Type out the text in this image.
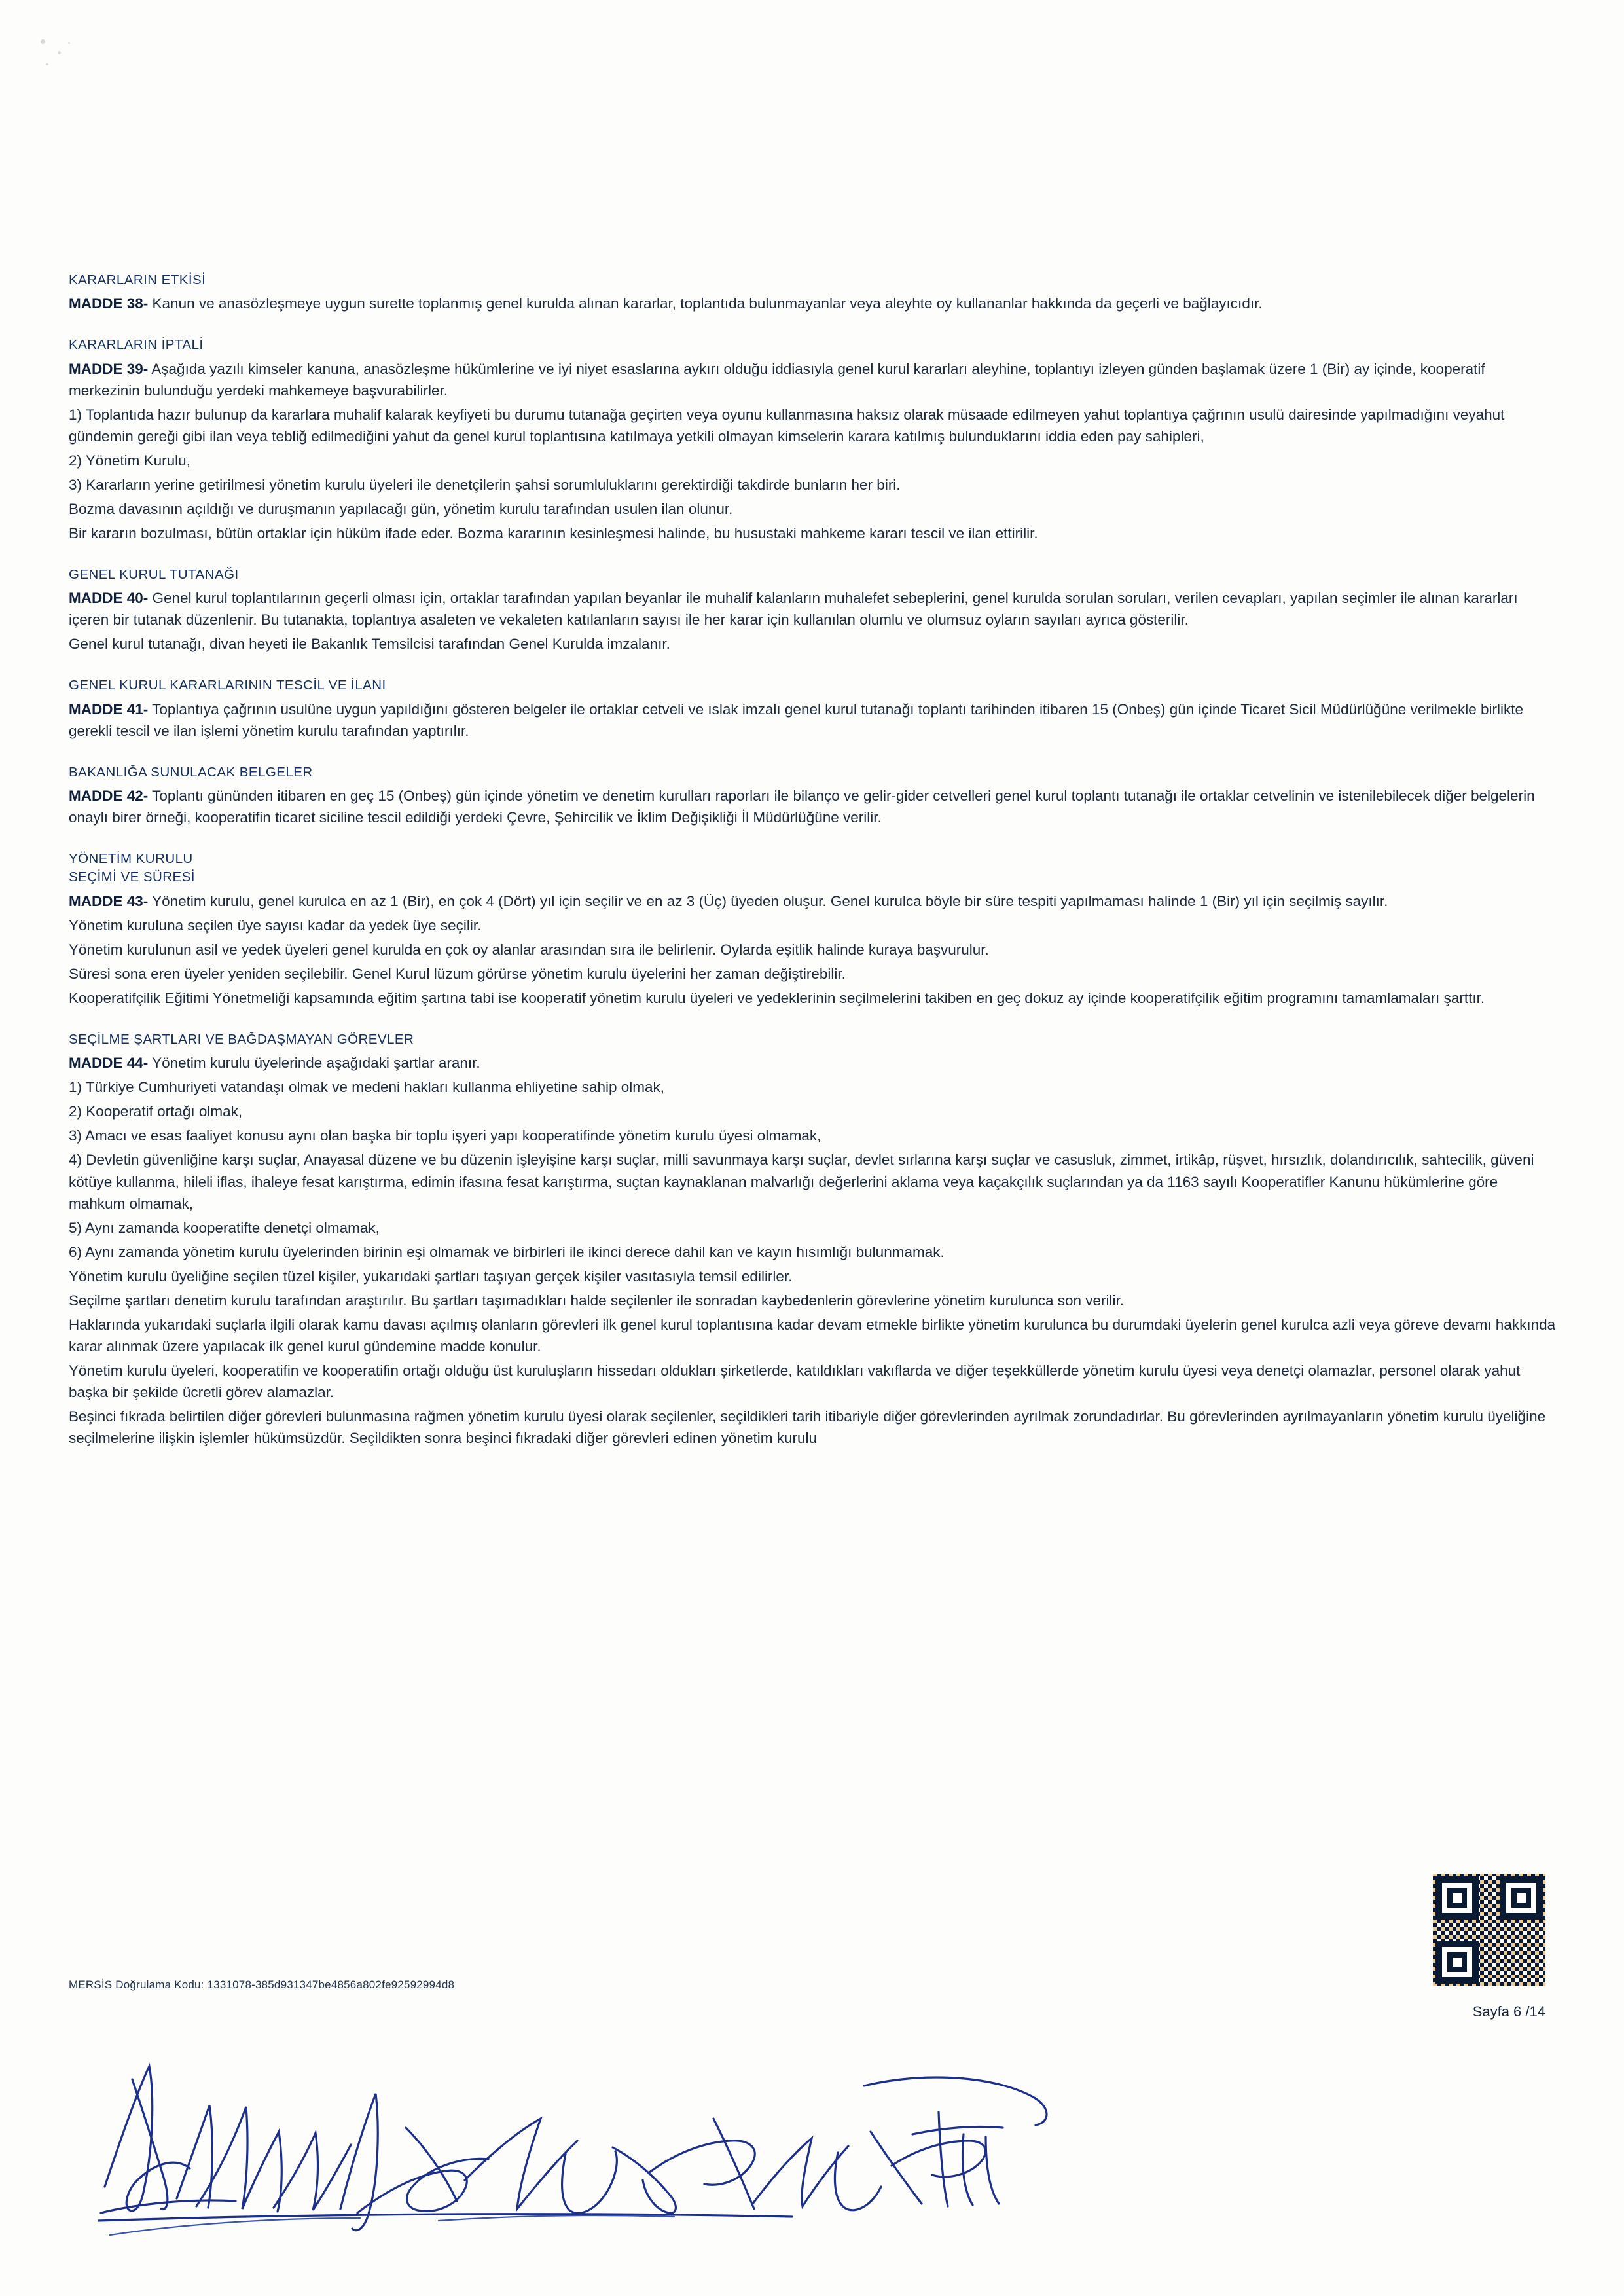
KARARLARIN ETKİSİ

MADDE 38- Kanun ve anasözleşmeye uygun surette toplanmış genel kurulda alınan kararlar, toplantıda bulunmayanlar veya aleyhte oy kullananlar hakkında da geçerli ve bağlayıcıdır.

KARARLARIN İPTALİ

MADDE 39- Aşağıda yazılı kimseler kanuna, anasözleşme hükümlerine ve iyi niyet esaslarına aykırı olduğu iddiasıyla genel kurul kararları aleyhine, toplantıyı izleyen günden başlamak üzere 1 (Bir) ay içinde, kooperatif merkezinin bulunduğu yerdeki mahkemeye başvurabilirler.

1) Toplantıda hazır bulunup da kararlara muhalif kalarak keyfiyeti bu durumu tutanağa geçirten veya oyunu kullanmasına haksız olarak müsaade edilmeyen yahut toplantıya çağrının usulü dairesinde yapılmadığını veyahut gündemin gereği gibi ilan veya tebliğ edilmediğini yahut da genel kurul toplantısına katılmaya yetkili olmayan kimselerin karara katılmış bulunduklarını iddia eden pay sahipleri,

2) Yönetim Kurulu,

3) Kararların yerine getirilmesi yönetim kurulu üyeleri ile denetçilerin şahsi sorumluluklarını gerektirdiği takdirde bunların her biri.

Bozma davasının açıldığı ve duruşmanın yapılacağı gün, yönetim kurulu tarafından usulen ilan olunur.

Bir kararın bozulması, bütün ortaklar için hüküm ifade eder. Bozma kararının kesinleşmesi halinde, bu husustaki mahkeme kararı tescil ve ilan ettirilir.

GENEL KURUL TUTANAĞI

MADDE 40- Genel kurul toplantılarının geçerli olması için, ortaklar tarafından yapılan beyanlar ile muhalif kalanların muhalefet sebeplerini, genel kurulda sorulan soruları, verilen cevapları, yapılan seçimler ile alınan kararları içeren bir tutanak düzenlenir. Bu tutanakta, toplantıya asaleten ve vekaleten katılanların sayısı ile her karar için kullanılan olumlu ve olumsuz oyların sayıları ayrıca gösterilir.

Genel kurul tutanağı, divan heyeti ile Bakanlık Temsilcisi tarafından Genel Kurulda imzalanır.

GENEL KURUL KARARLARININ TESCİL VE İLANI

MADDE 41- Toplantıya çağrının usulüne uygun yapıldığını gösteren belgeler ile ortaklar cetveli ve ıslak imzalı genel kurul tutanağı toplantı tarihinden itibaren 15 (Onbeş) gün içinde Ticaret Sicil Müdürlüğüne verilmekle birlikte gerekli tescil ve ilan işlemi yönetim kurulu tarafından yaptırılır.

BAKANLIĞA SUNULACAK BELGELER

MADDE 42- Toplantı gününden itibaren en geç 15 (Onbeş) gün içinde yönetim ve denetim kurulları raporları ile bilanço ve gelir-gider cetvelleri genel kurul toplantı tutanağı ile ortaklar cetvelinin ve istenilebilecek diğer belgelerin onaylı birer örneği, kooperatifin ticaret siciline tescil edildiği yerdeki Çevre, Şehircilik ve İklim Değişikliği İl Müdürlüğüne verilir.

YÖNETİM KURULU
SEÇİMİ VE SÜRESİ

MADDE 43- Yönetim kurulu, genel kurulca en az 1 (Bir), en çok 4 (Dört) yıl için seçilir ve en az 3 (Üç) üyeden oluşur. Genel kurulca böyle bir süre tespiti yapılmaması halinde 1 (Bir) yıl için seçilmiş sayılır.

Yönetim kuruluna seçilen üye sayısı kadar da yedek üye seçilir.

Yönetim kurulunun asil ve yedek üyeleri genel kurulda en çok oy alanlar arasından sıra ile belirlenir. Oylarda eşitlik halinde kuraya başvurulur.

Süresi sona eren üyeler yeniden seçilebilir. Genel Kurul lüzum görürse yönetim kurulu üyelerini her zaman değiştirebilir.

Kooperatifçilik Eğitimi Yönetmeliği kapsamında eğitim şartına tabi ise kooperatif yönetim kurulu üyeleri ve yedeklerinin seçilmelerini takiben en geç dokuz ay içinde kooperatifçilik eğitim programını tamamlamaları şarttır.

SEÇİLME ŞARTLARI VE BAĞDAŞMAYAN GÖREVLER

MADDE 44- Yönetim kurulu üyelerinde aşağıdaki şartlar aranır.

1) Türkiye Cumhuriyeti vatandaşı olmak ve medeni hakları kullanma ehliyetine sahip olmak,

2) Kooperatif ortağı olmak,

3) Amacı ve esas faaliyet konusu aynı olan başka bir toplu işyeri yapı kooperatifinde yönetim kurulu üyesi olmamak,

4) Devletin güvenliğine karşı suçlar, Anayasal düzene ve bu düzenin işleyişine karşı suçlar, milli savunmaya karşı suçlar, devlet sırlarına karşı suçlar ve casusluk, zimmet, irtikâp, rüşvet, hırsızlık, dolandırıcılık, sahtecilik, güveni kötüye kullanma, hileli iflas, ihaleye fesat karıştırma, edimin ifasına fesat karıştırma, suçtan kaynaklanan malvarlığı değerlerini aklama veya kaçakçılık suçlarından ya da 1163 sayılı Kooperatifler Kanunu hükümlerine göre mahkum olmamak,

5) Aynı zamanda kooperatifte denetçi olmamak,

6) Aynı zamanda yönetim kurulu üyelerinden birinin eşi olmamak ve birbirleri ile ikinci derece dahil kan ve kayın hısımlığı bulunmamak.

Yönetim kurulu üyeliğine seçilen tüzel kişiler, yukarıdaki şartları taşıyan gerçek kişiler vasıtasıyla temsil edilirler.

Seçilme şartları denetim kurulu tarafından araştırılır. Bu şartları taşımadıkları halde seçilenler ile sonradan kaybedenlerin görevlerine yönetim kurulunca son verilir.

Haklarında yukarıdaki suçlarla ilgili olarak kamu davası açılmış olanların görevleri ilk genel kurul toplantısına kadar devam etmekle birlikte yönetim kurulunca bu durumdaki üyelerin genel kurulca azli veya göreve devamı hakkında karar alınmak üzere yapılacak ilk genel kurul gündemine madde konulur.

Yönetim kurulu üyeleri, kooperatifin ve kooperatifin ortağı olduğu üst kuruluşların hissedarı oldukları şirketlerde, katıldıkları vakıflarda ve diğer teşekküllerde yönetim kurulu üyesi veya denetçi olamazlar, personel olarak yahut başka bir şekilde ücretli görev alamazlar.

Beşinci fıkrada belirtilen diğer görevleri bulunmasına rağmen yönetim kurulu üyesi olarak seçilenler, seçildikleri tarih itibariyle diğer görevlerinden ayrılmak zorundadırlar. Bu görevlerinden ayrılmayanların yönetim kurulu üyeliğine seçilmelerine ilişkin işlemler hükümsüzdür. Seçildikten sonra beşinci fıkradaki diğer görevleri edinen yönetim kurulu

MERSİS Doğrulama Kodu: 1331078-385d931347be4856a802fe92592994d8
Sayfa 6 /14
